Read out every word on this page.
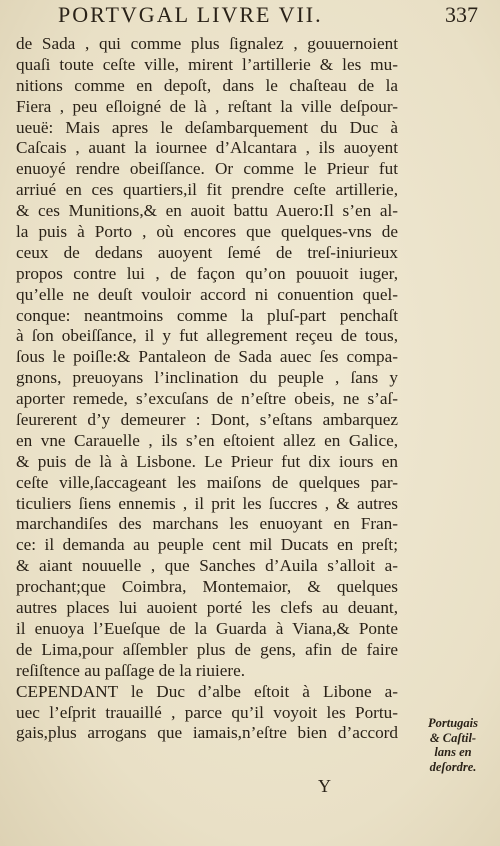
PORTVGAL LIVRE VII.	337
de Sada , qui comme plus ſignalez , gouuernoient
quaſi toute ceſte ville, mirent l’artillerie & les mu-
nitions comme en depoſt, dans le chaſteau de la
Fiera , peu eſloigné de là , reſtant la ville deſpour-
ueuë: Mais apres le deſambarquement du Duc à
Caſcais , auant la iournee d’Alcantara , ils auoyent
enuoyé rendre obeiſſance. Or comme le Prieur fut
arriué en ces quartiers,il fit prendre ceſte artillerie,
& ces Munitions,& en auoit battu Auero:Il s’en al-
la puis à Porto , où encores que quelques-vns de
ceux de dedans auoyent ſemé de treſ-iniurieux
propos contre lui , de façon qu’on pouuoit iuger,
qu’elle ne deuſt vouloir accord ni conuention quel-
conque: neantmoins comme la pluſ-part penchaſt
à ſon obeiſſance, il y fut allegrement reçeu de tous,
ſous le poiſle:& Pantaleon de Sada auec ſes compa-
gnons, preuoyans l’inclination du peuple , ſans y
aporter remede, s’excuſans de n’eſtre obeis, ne s’aſ-
ſeurerent d’y demeurer : Dont, s’eſtans ambarquez
en vne Carauelle , ils s’en eſtoient allez en Galice,
& puis de là à Lisbone. Le Prieur fut dix iours en
ceſte ville,ſaccageant les maiſons de quelques par-
ticuliers ſiens ennemis , il prit les ſuccres , & autres
marchandiſes des marchans les enuoyant en Fran-
ce: il demanda au peuple cent mil Ducats en preſt;
& aiant nouuelle , que Sanches d’Auila s’alloit a-
prochant;que Coimbra, Montemaior, & quelques
autres places lui auoient porté les clefs au deuant,
il enuoya l’Eueſque de la Guarda à Viana,& Ponte
de Lima,pour aſſembler plus de gens, afin de faire
reſiſtence au paſſage de la riuiere.
CEPENDANT le Duc d’albe eſtoit à Libone a-
uec l’eſprit trauaillé , parce qu’il voyoit les Portu-
gais,plus arrogans que iamais,n’eſtre bien d’accord
Portugais
& Caſtil-
lans en
deſordre.
Y
